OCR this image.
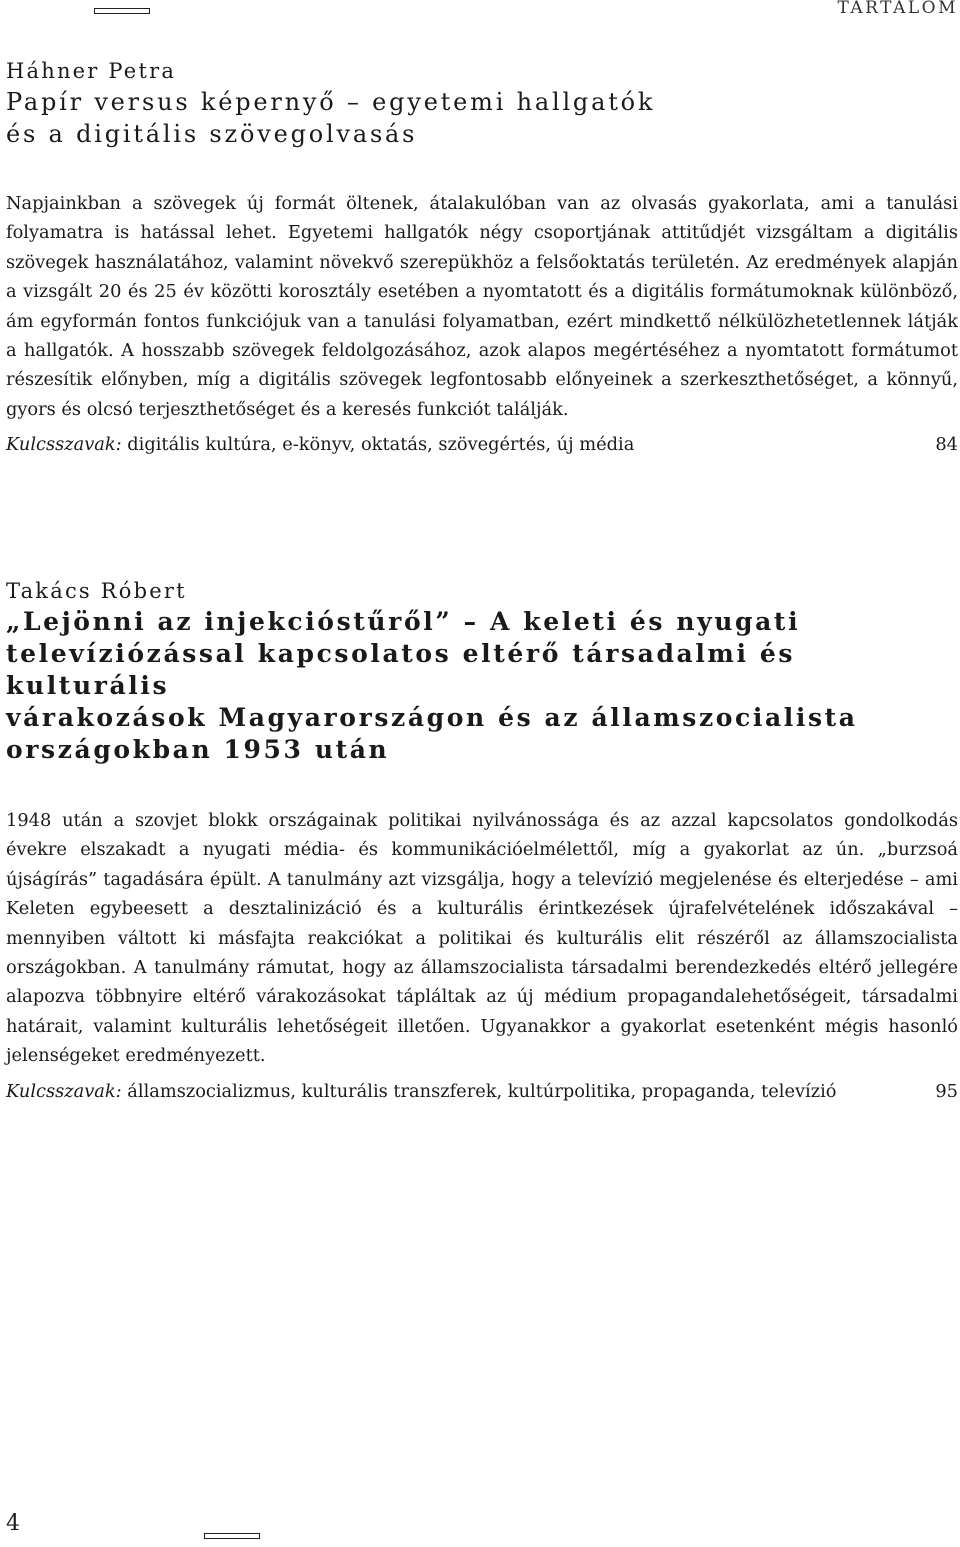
TARTALOM
Háhner Petra
Papír versus képernyő – egyetemi hallgatók
és a digitális szövegolvasás

Napjainkban a szövegek új formát öltenek, átalakulóban van az olvasás gyakorlata, ami a tanulási folyamatra is hatással lehet. Egyetemi hallgatók négy csoportjának attitűdjét vizsgáltam a digitális szövegek használatához, valamint növekvő szerepükhöz a felsőoktatás területén. Az eredmények alapján a vizsgált 20 és 25 év közötti korosztály esetében a nyomtatott és a digitális formátumoknak különböző, ám egyformán fontos funkciójuk van a tanulási folyamatban, ezért mindkettő nélkülözhetetlennek látják a hallgatók. A hosszabb szövegek feldolgozásához, azok alapos megértéséhez a nyomtatott formátumot részesítik előnyben, míg a digitális szövegek legfontosabb előnyeinek a szerkeszthetőséget, a könnyű, gyors és olcsó terjeszthetőséget és a keresés funkciót találják.

Kulcsszavak: digitális kultúra, e-könyv, oktatás, szövegértés, új média	84

Takács Róbert
„Lejönni az injekcióstűről” – A keleti és nyugati
televíziózással kapcsolatos eltérő társadalmi és kulturális
várakozások Magyarországon és az államszocialista
országokban 1953 után

1948 után a szovjet blokk országainak politikai nyilvánossága és az azzal kapcsolatos gondolkodás évekre elszakadt a nyugati média- és kommunikációelmélettől, míg a gyakorlat az ún. „burzsoá újságírás” tagadására épült. A tanulmány azt vizsgálja, hogy a televízió megjelenése és elterjedése – ami Keleten egybeesett a desztalinizáció és a kulturális érintkezések újrafelvételének időszakával – mennyiben váltott ki másfajta reakciókat a politikai és kulturális elit részéről az államszocialista országokban. A tanulmány rámutat, hogy az államszocialista társadalmi berendezkedés eltérő jellegére alapozva többnyire eltérő várakozásokat tápláltak az új médium propagandalehetőségeit, társadalmi határait, valamint kulturális lehetőségeit illetően. Ugyanakkor a gyakorlat esetenként mégis hasonló jelenségeket eredményezett.

Kulcsszavak: államszocializmus, kulturális transzferek, kultúrpolitika, propaganda, televízió	95

4
